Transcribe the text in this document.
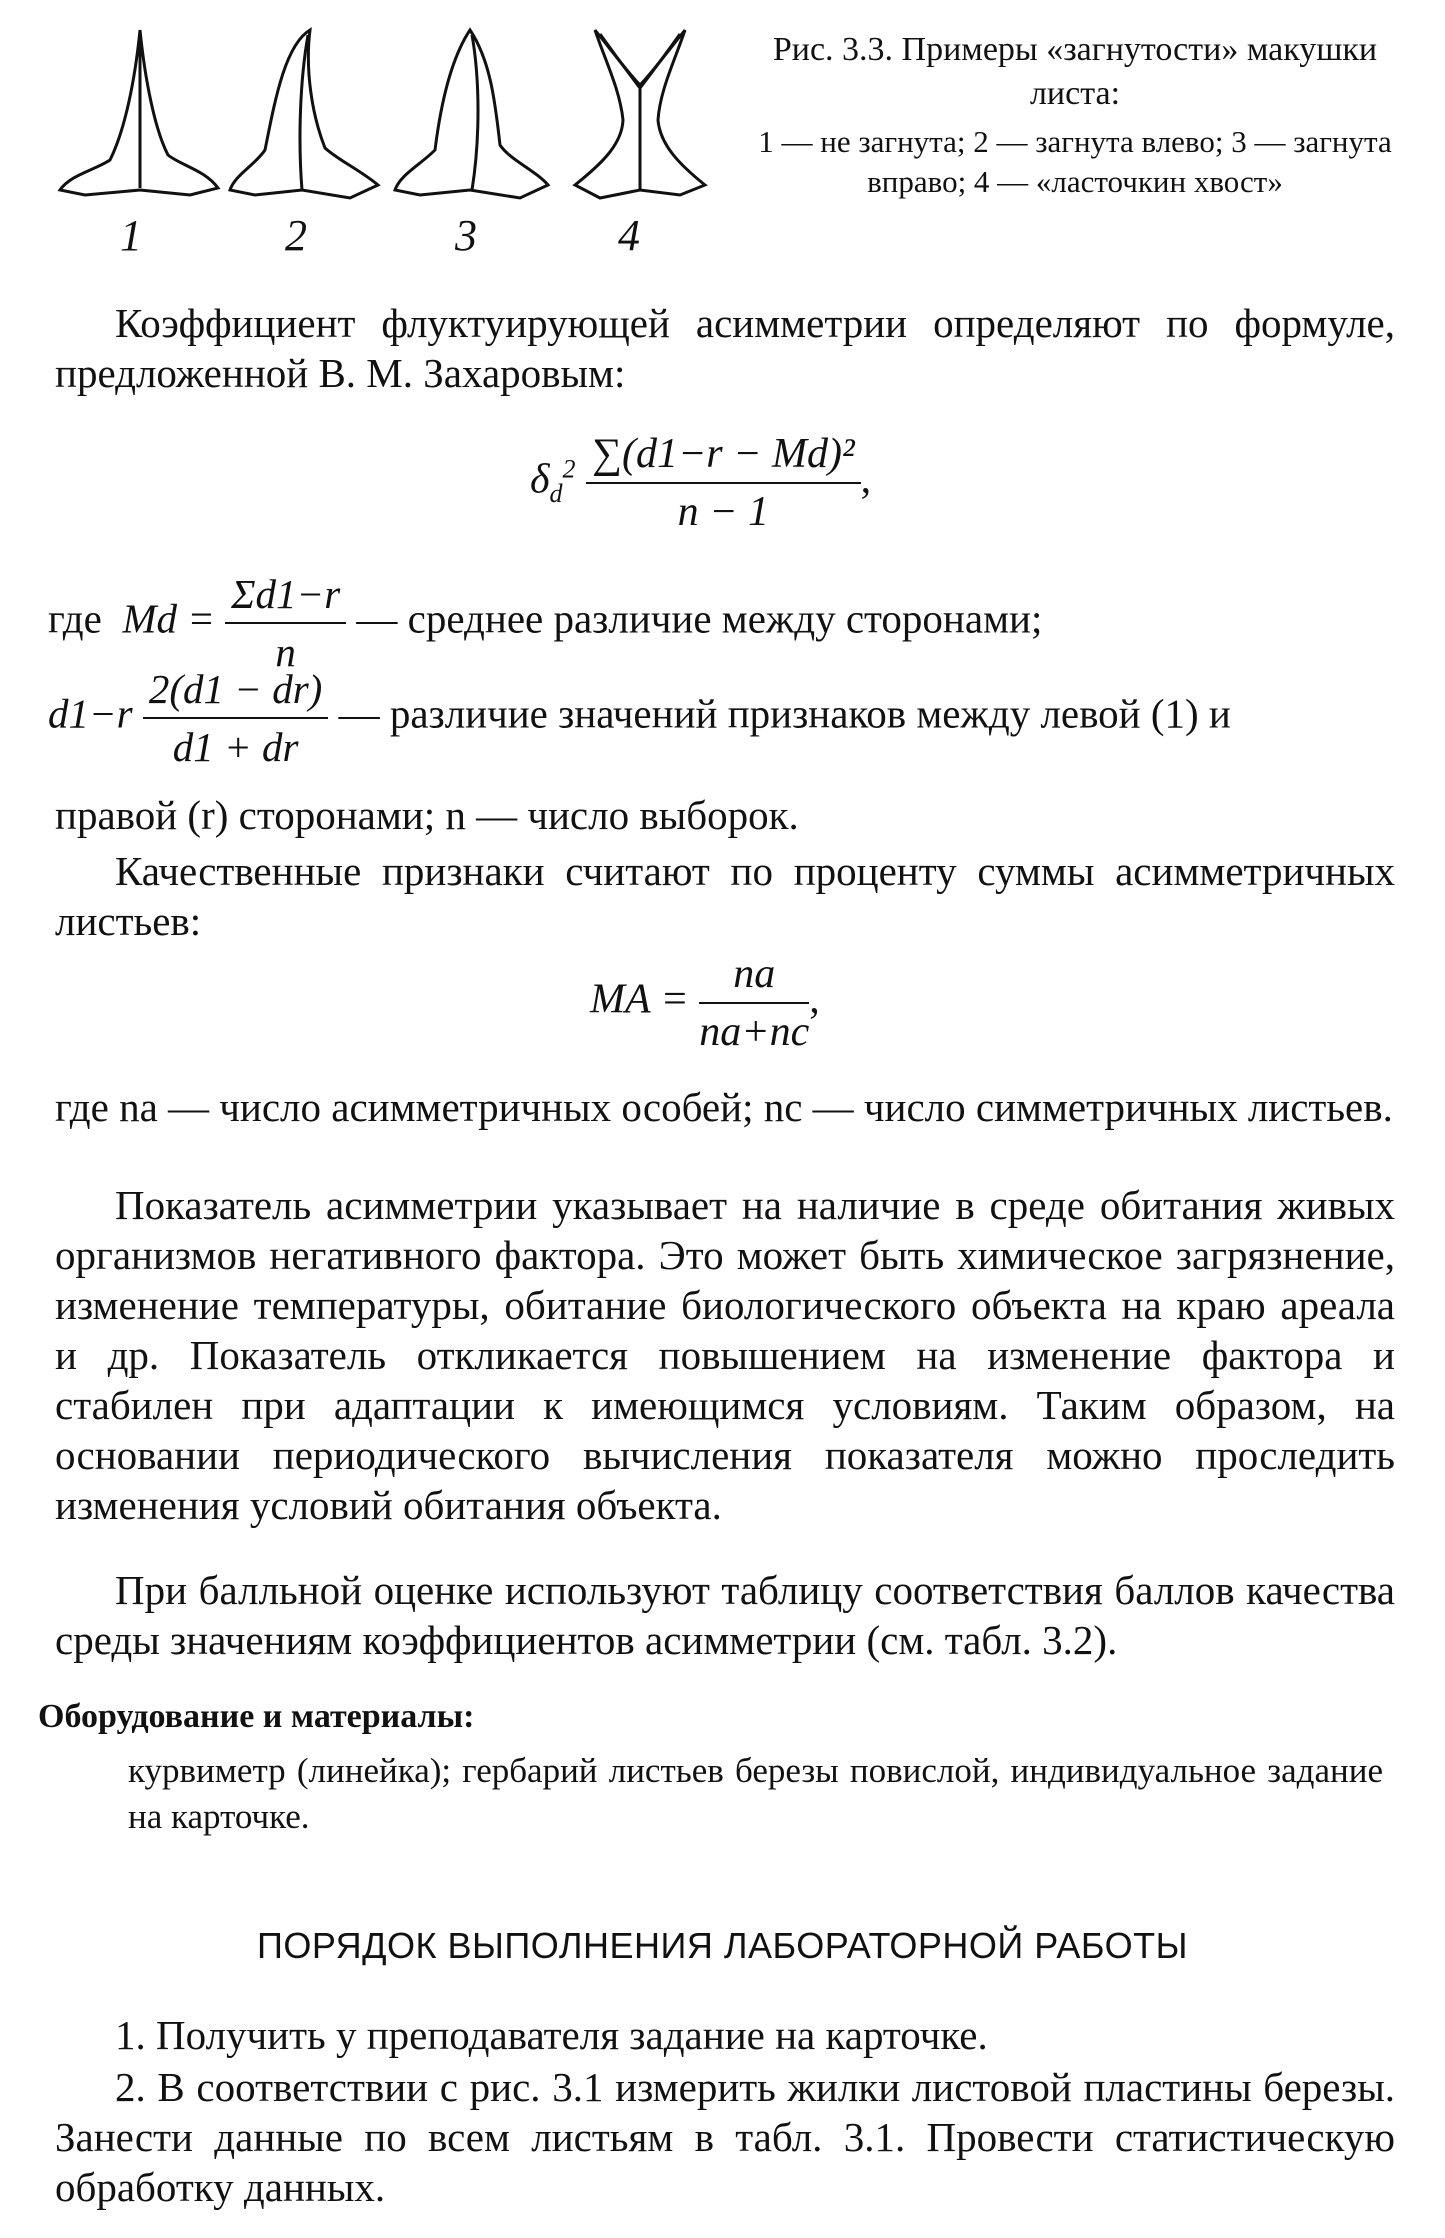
1	2	3	4
Рис. 3.3. Примеры «загнутости» макушки листа:
1 — не загнута; 2 — загнута влево; 3 — загнута вправо; 4 — «ласточкин хвост»
Коэффициент флуктуирующей асимметрии определяют по формуле, предложенной В. М. Захаровым:
$\delta_d^2 \frac{\text{∑(d1−r − Md)²}}{n - 1}$ ,
где $Md = \frac{\Sigma d1-r}{n}$ — среднее различие между сторонами;
$d1-r \frac{2(d1 - dr)}{d1 + dr}$ — различие значений признаков между левой (1) и
правой (r) сторонами; n — число выборок.
Качественные признаки считают по проценту суммы асимметричных листьев:
MA = $\frac{na}{na+nc}$ ,
где na — число асимметричных особей; nc — число симметричных листьев.
Показатель асимметрии указывает на наличие в среде обитания живых организмов негативного фактора. Это может быть химическое загрязнение, изменение температуры, обитание биологического объекта на краю ареала и др. Показатель откликается повышением на изменение фактора и стабилен при адаптации к имеющимся условиям. Таким образом, на основании периодического вычисления показателя можно проследить изменения условий обитания объекта.
При балльной оценке используют таблицу соответствия баллов качества среды значениям коэффициентов асимметрии (см. табл. 3.2).
Оборудование и материалы:
курвиметр (линейка); гербарий листьев березы повислой, индивидуальное задание на карточке.
ПОРЯДОК ВЫПОЛНЕНИЯ ЛАБОРАТОРНОЙ РАБОТЫ
1. Получить у преподавателя задание на карточке.
2. В соответствии с рис. 3.1 измерить жилки листовой пластины березы. Занести данные по всем листьям в табл. 3.1. Провести статистическую обработку данных.
